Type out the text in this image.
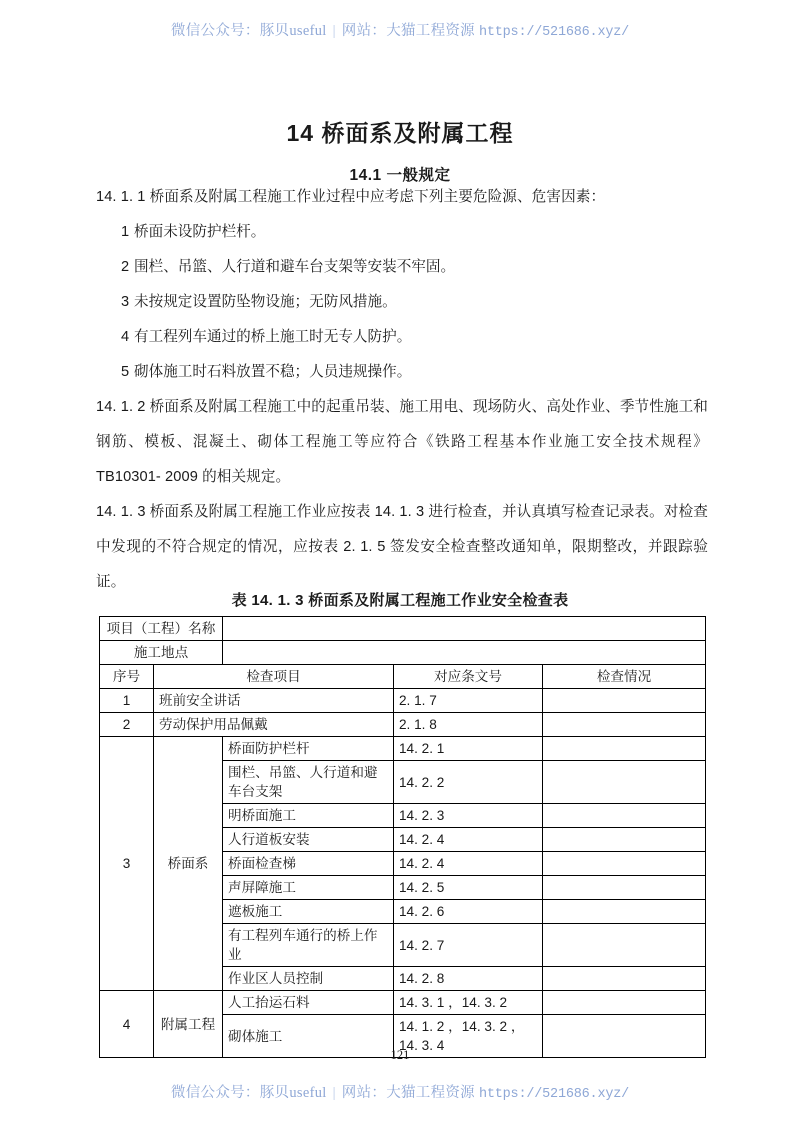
微信公众号：豚贝useful | 网站：大猫工程资源 https://521686.xyz/
14 桥面系及附属工程
14.1 一般规定

14. 1. 1 桥面系及附属工程施工作业过程中应考虑下列主要危险源、危害因素：

1 桥面未设防护栏杆。
2 围栏、吊篮、人行道和避车台支架等安装不牢固。
3 未按规定设置防坠物设施；无防风措施。
4 有工程列车通过的桥上施工时无专人防护。
5 砌体施工时石料放置不稳；人员违规操作。

14. 1. 2 桥面系及附属工程施工中的起重吊装、施工用电、现场防火、高处作业、季节性施工和钢筋、模板、混凝土、砌体工程施工等应符合《铁路工程基本作业施工安全技术规程》TB10301- 2009 的相关规定。

14. 1. 3 桥面系及附属工程施工作业应按表 14. 1. 3 进行检查，并认真填写检查记录表。对检查中发现的不符合规定的情况，应按表 2. 1. 5 签发安全检查整改通知单，限期整改，并跟踪验证。

表 14. 1. 3 桥面系及附属工程施工作业安全检查表
项目（工程）名称				
施工地点				
序号	检查项目		对应条文号	检查情况
1	班前安全讲话		2. 1. 7	
2	劳动保护用品佩戴		2. 1. 8	
3	桥面系	桥面防护栏杆	14. 2. 1	
		围栏、吊篮、人行道和避车台支架	14. 2. 2	
		明桥面施工	14. 2. 3	
		人行道板安装	14. 2. 4	
		桥面检查梯	14. 2. 4	
		声屏障施工	14. 2. 5	
		遮板施工	14. 2. 6	
		有工程列车通行的桥上作业	14. 2. 7	
		作业区人员控制	14. 2. 8	
4	附属工程	人工抬运石料	14. 3. 1 ，14. 3. 2	
		砌体施工	14. 1. 2 ，14. 3. 2 ，14. 3. 4	
121
微信公众号：豚贝useful | 网站：大猫工程资源 https://521686.xyz/
